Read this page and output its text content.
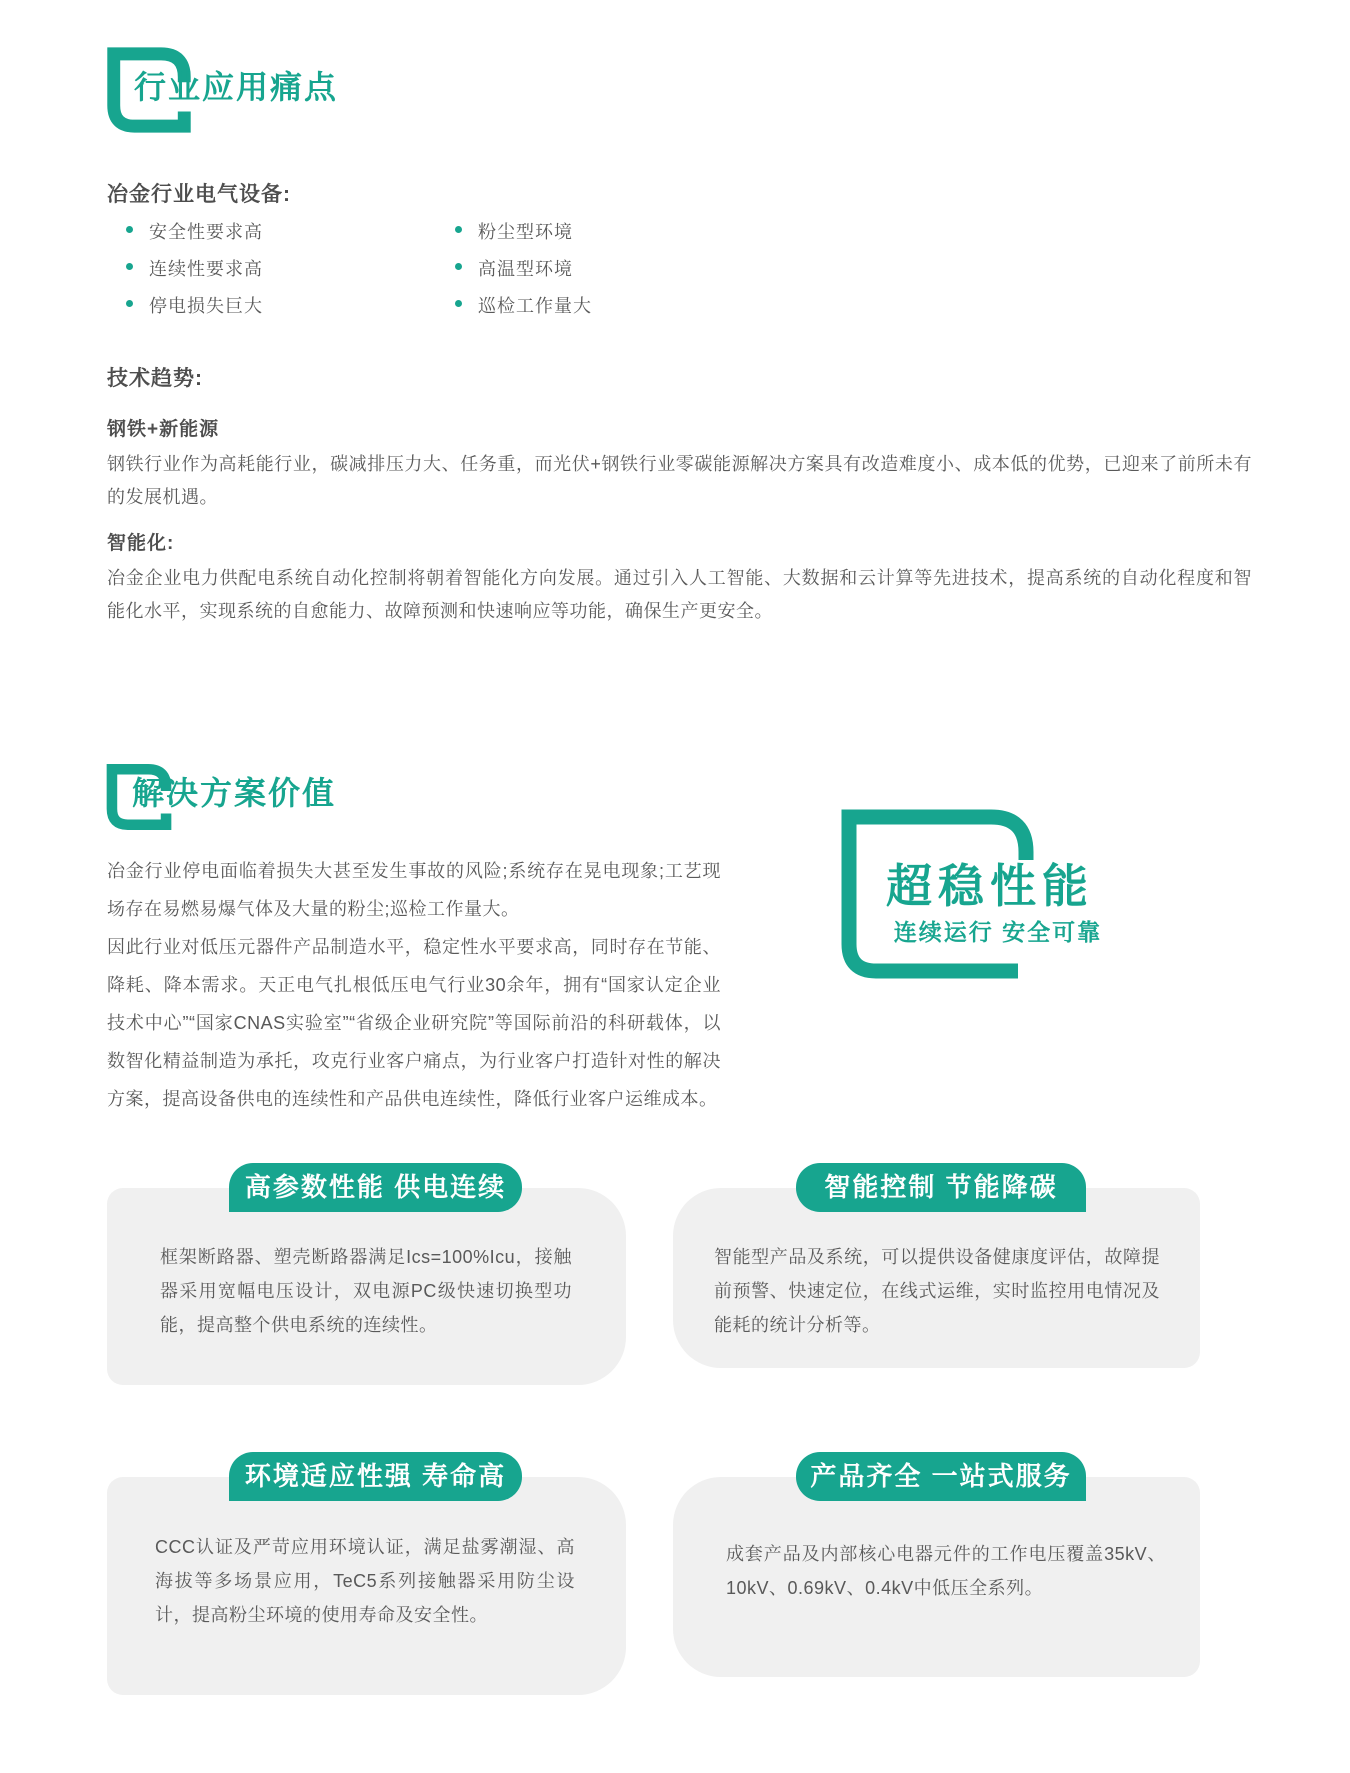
行业应用痛点
冶金行业电气设备:
安全性要求高
连续性要求高
停电损失巨大
粉尘型环境
高温型环境
巡检工作量大
技术趋势:
钢铁+新能源
钢铁行业作为高耗能行业，碳减排压力大、任务重，而光伏+钢铁行业零碳能源解决方案具有改造难度小、成本低的优势，已迎来了前所未有的发展机遇。
智能化:
冶金企业电力供配电系统自动化控制将朝着智能化方向发展。通过引入人工智能、大数据和云计算等先进技术，提高系统的自动化程度和智能化水平，实现系统的自愈能力、故障预测和快速响应等功能，确保生产更安全。
解决方案价值
冶金行业停电面临着损失大甚至发生事故的风险;系统存在晃电现象;工艺现场存在易燃易爆气体及大量的粉尘;巡检工作量大。
因此行业对低压元器件产品制造水平，稳定性水平要求高，同时存在节能、降耗、降本需求。天正电气扎根低压电气行业30余年，拥有“国家认定企业技术中心”“国家CNAS实验室”“省级企业研究院”等国际前沿的科研载体，以数智化精益制造为承托，攻克行业客户痛点，为行业客户打造针对性的解决方案，提高设备供电的连续性和产品供电连续性，降低行业客户运维成本。
超稳性能
连续运行 安全可靠
高参数性能 供电连续
框架断路器、塑壳断路器满足Ics=100%Icu，接触器采用宽幅电压设计，双电源PC级快速切换型功能，提高整个供电系统的连续性。
智能控制 节能降碳
智能型产品及系统，可以提供设备健康度评估，故障提前预警、快速定位，在线式运维，实时监控用电情况及能耗的统计分析等。
环境适应性强 寿命高
CCC认证及严苛应用环境认证，满足盐雾潮湿、高海拔等多场景应用，TeC5系列接触器采用防尘设计，提高粉尘环境的使用寿命及安全性。
产品齐全 一站式服务
成套产品及内部核心电器元件的工作电压覆盖35kV、10kV、0.69kV、0.4kV中低压全系列。
